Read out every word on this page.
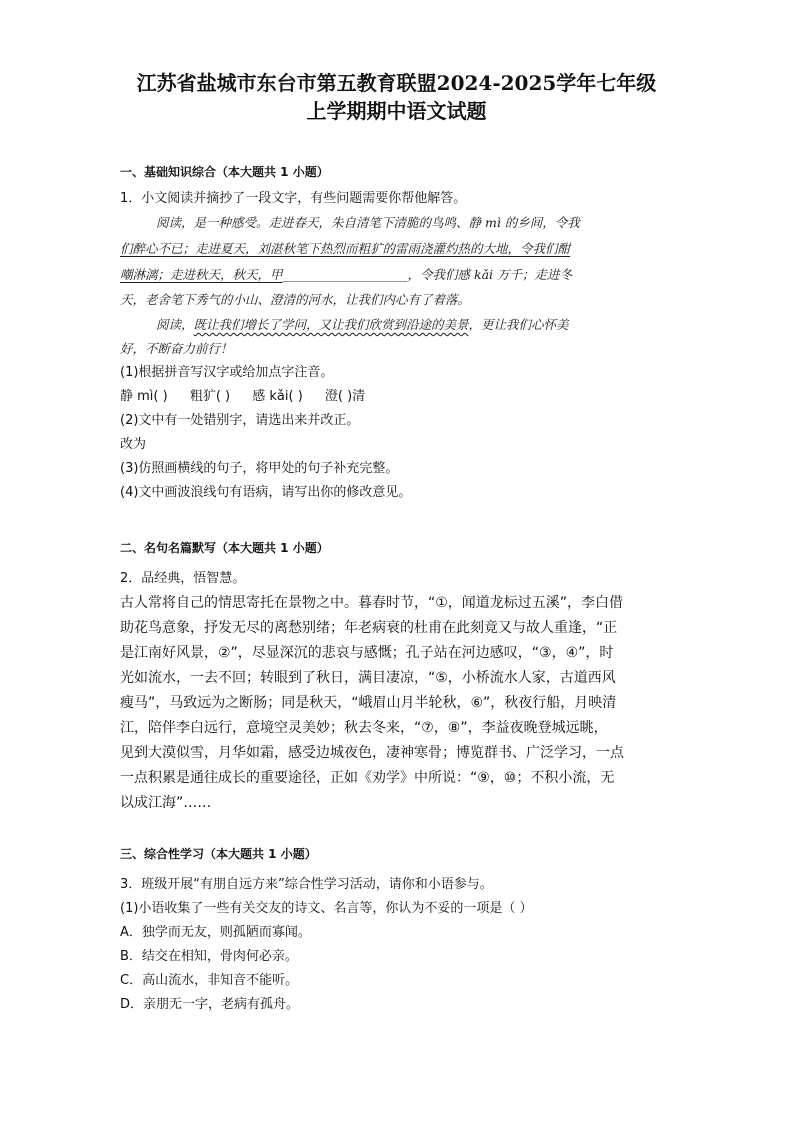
江苏省盐城市东台市第五教育联盟2024-2025学年七年级
上学期期中语文试题
一、基础知识综合（本大题共 1 小题）
1．小文阅读并摘抄了一段文字，有些问题需要你帮他解答。
阅读，是一种感受。走进春天，朱自清笔下清脆的鸟鸣、静 mì 的乡间，令我
们醉心不已；走进夏天，刘湛秋笔下热烈而粗犷的雷雨浇灌灼热的大地，令我们酣
嘲淋漓；走进秋天，秋天，甲____________________，令我们感 kǎi 万千；走进冬
天，老舍笔下秀气的小山、澄清的河水，让我们内心有了着落。
阅读，既让我们增长了学问，又让我们欣赏到沿途的美景，更让我们心怀美
好，不断奋力前行！
(1)根据拼音写汉字或给加点字注音。
静 mì( ) 粗犷( ) 感 kǎi( ) 澄( )清
(2)文中有一处错别字，请选出来并改正。
改为
(3)仿照画横线的句子，将甲处的句子补充完整。
(4)文中画波浪线句有语病，请写出你的修改意见。
二、名句名篇默写（本大题共 1 小题）
2．品经典，悟智慧。
古人常将自己的情思寄托在景物之中。暮春时节，“①，闻道龙标过五溪”，李白借
助花鸟意象，抒发无尽的离愁别绪；年老病衰的杜甫在此刻竟又与故人重逢，“正
是江南好风景，②”，尽显深沉的悲哀与感慨；孔子站在河边感叹，“③，④”，时
光如流水，一去不回；转眼到了秋日，满目凄凉，“⑤，小桥流水人家，古道西风
瘦马”，马致远为之断肠；同是秋天，“峨眉山月半轮秋，⑥”，秋夜行船，月映清
江，陪伴李白远行，意境空灵美妙；秋去冬来，“⑦，⑧”，李益夜晚登城远眺，
见到大漠似雪，月华如霜，感受边城夜色，凄神寒骨；博览群书、广泛学习，一点
一点积累是通往成长的重要途径，正如《劝学》中所说：“⑨，⑩；不积小流，无
以成江海”……
三、综合性学习（本大题共 1 小题）
3．班级开展“有朋自远方来”综合性学习活动，请你和小语参与。
(1)小语收集了一些有关交友的诗文、名言等，你认为不妥的一项是（ ）
A．独学而无友，则孤陋而寡闻。
B．结交在相知，骨肉何必亲。
C．高山流水，非知音不能听。
D．亲朋无一字，老病有孤舟。
